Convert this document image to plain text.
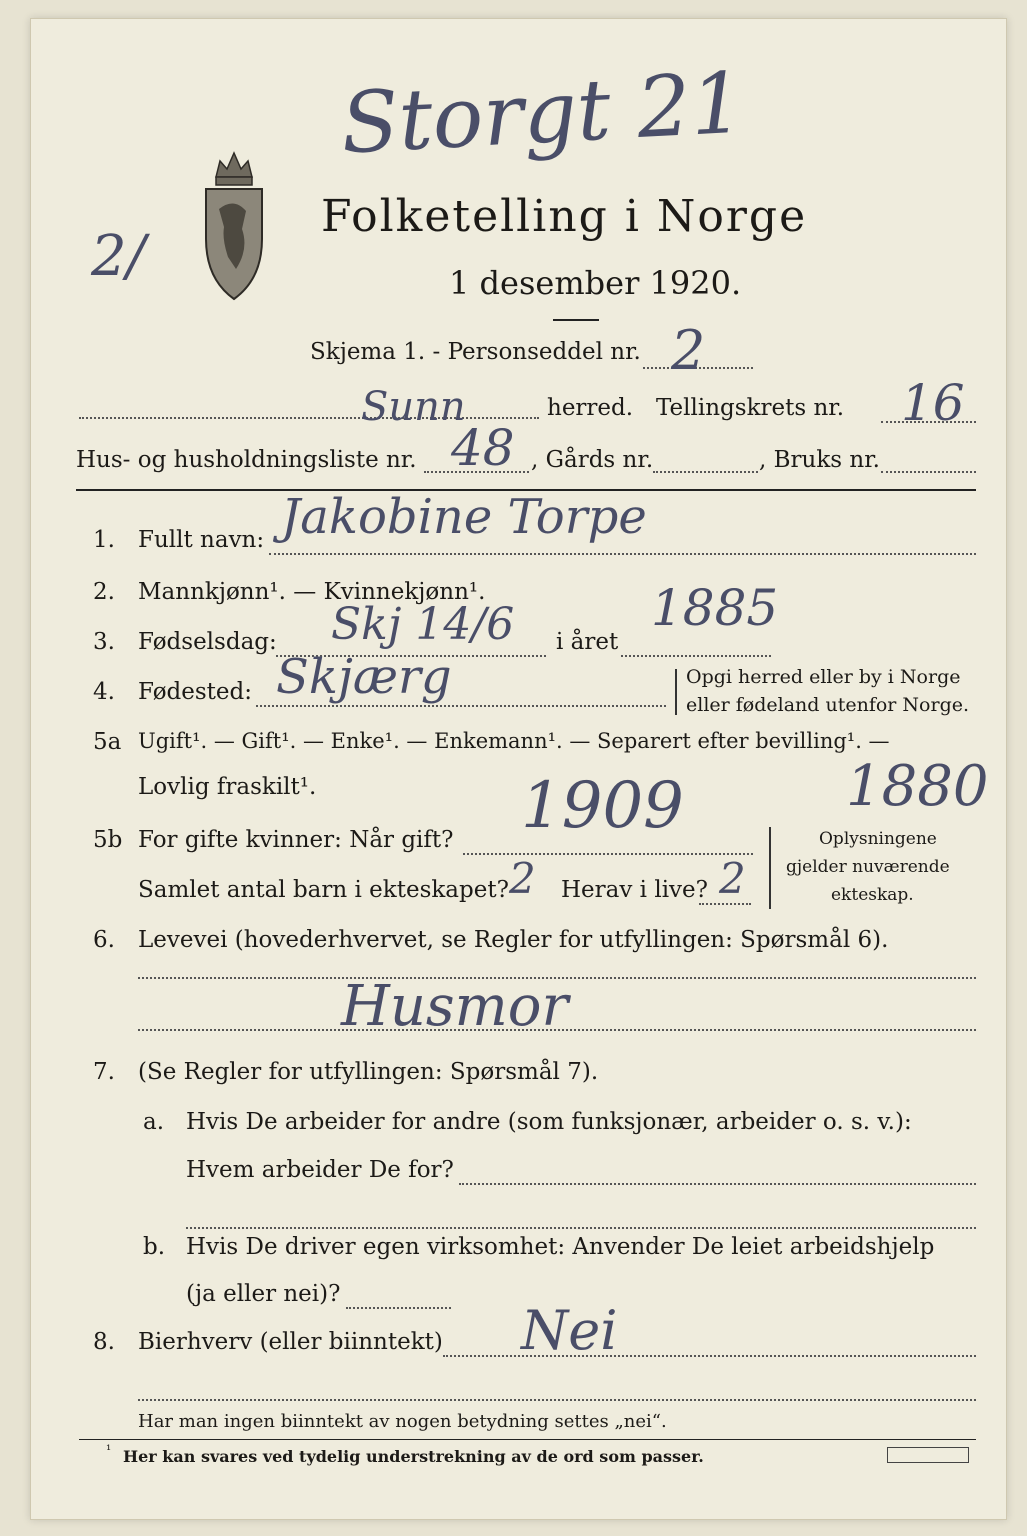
Storgt 21
2/
Folketelling i Norge
1 desember 1920.
Skjema 1. - Personseddel nr. 2
Sunn	herred. Tellingskrets nr. 16
Hus- og husholdningsliste nr. 48 , Gårds nr.	, Bruks nr.
1. Fullt navn: Jakobine Torpe
2. Mannkjønn¹. — Kvinnekjønn¹.
3. Fødselsdag: Skj 14/6 i året
1885
4. Fødested: Skjærg	Opgi herred eller by i Norge
eller fødeland utenfor Norge.
5a Ugift¹. — Gift¹. — Enke¹. — Enkemann¹. — Separert efter bevilling¹. —
Lovlig fraskilt¹.
5b For gifte kvinner: Når gift? 1909	1880
Samlet antal barn i ekteskapet? 2 Herav i live? 2
Oplysningene
gjelder nuværende
ekteskap.
6. Levevei (hovederhvervet, se Regler for utfyllingen: Spørsmål 6).
Husmor
7. (Se Regler for utfyllingen: Spørsmål 7).
a. Hvis De arbeider for andre (som funksjonær, arbeider o. s. v.):
Hvem arbeider De for?
b. Hvis De driver egen virksomhet: Anvender De leiet arbeidshjelp
(ja eller nei)?
8. Bierhverv (eller biinntekt) Nei
Har man ingen biinntekt av nogen betydning settes „nei“.
¹ Her kan svares ved tydelig understrekning av de ord som passer.
